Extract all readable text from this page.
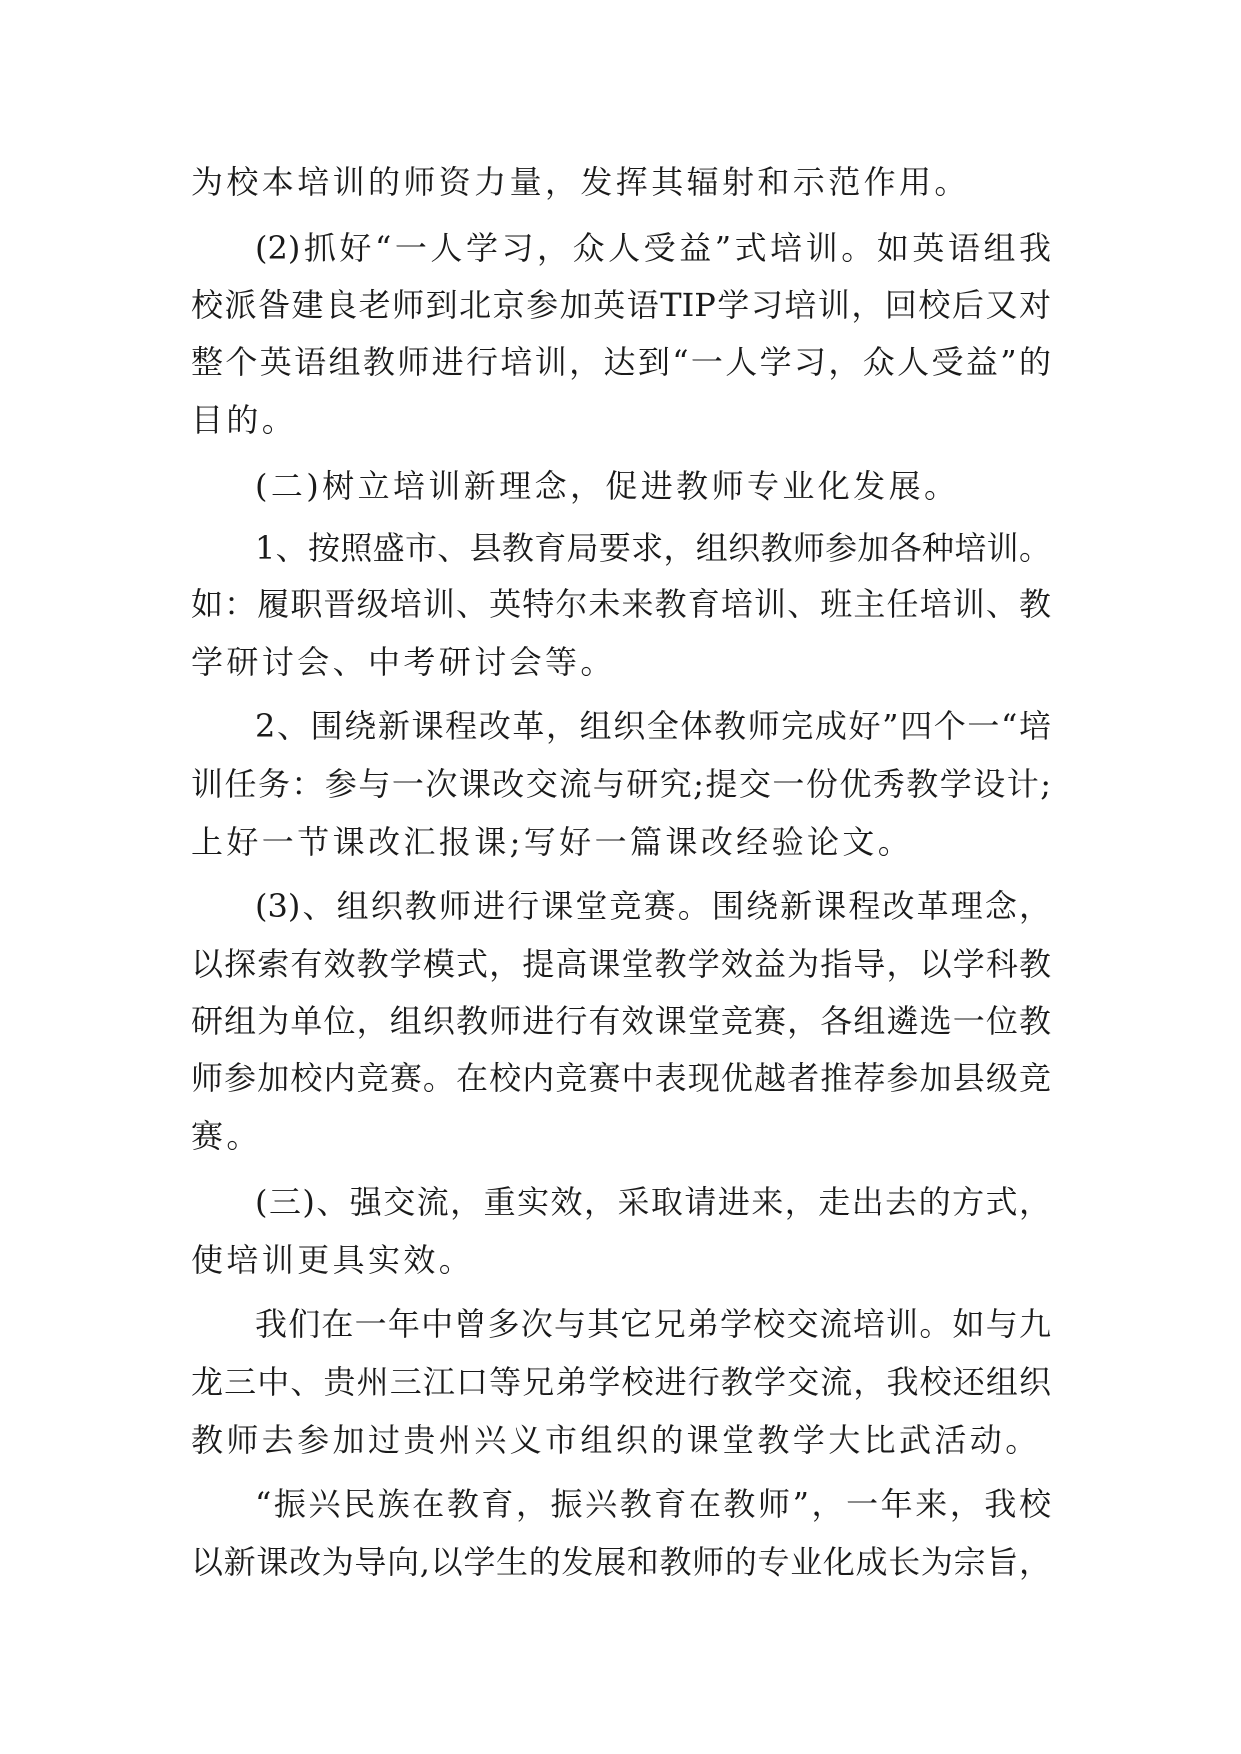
为校本培训的师资力量，发挥其辐射和示范作用。
(2)抓好“一人学习，众人受益”式培训。如英语组我
校派昝建良老师到北京参加英语TIP学习培训，回校后又对
整个英语组教师进行培训，达到“一人学习，众人受益”的
目的。
(二)树立培训新理念，促进教师专业化发展。
1、按照盛市、县教育局要求，组织教师参加各种培训。
如：履职晋级培训、英特尔未来教育培训、班主任培训、教
学研讨会、中考研讨会等。
2、围绕新课程改革，组织全体教师完成好”四个一“培
训任务：参与一次课改交流与研究;提交一份优秀教学设计;
上好一节课改汇报课;写好一篇课改经验论文。
(3)、组织教师进行课堂竞赛。围绕新课程改革理念，
以探索有效教学模式，提高课堂教学效益为指导，以学科教
研组为单位，组织教师进行有效课堂竞赛，各组遴选一位教
师参加校内竞赛。在校内竞赛中表现优越者推荐参加县级竞
赛。
(三)、强交流，重实效，采取请进来，走出去的方式，
使培训更具实效。
我们在一年中曾多次与其它兄弟学校交流培训。如与九
龙三中、贵州三江口等兄弟学校进行教学交流，我校还组织
教师去参加过贵州兴义市组织的课堂教学大比武活动。
“振兴民族在教育，振兴教育在教师”，一年来，我校
以新课改为导向,以学生的发展和教师的专业化成长为宗旨，
